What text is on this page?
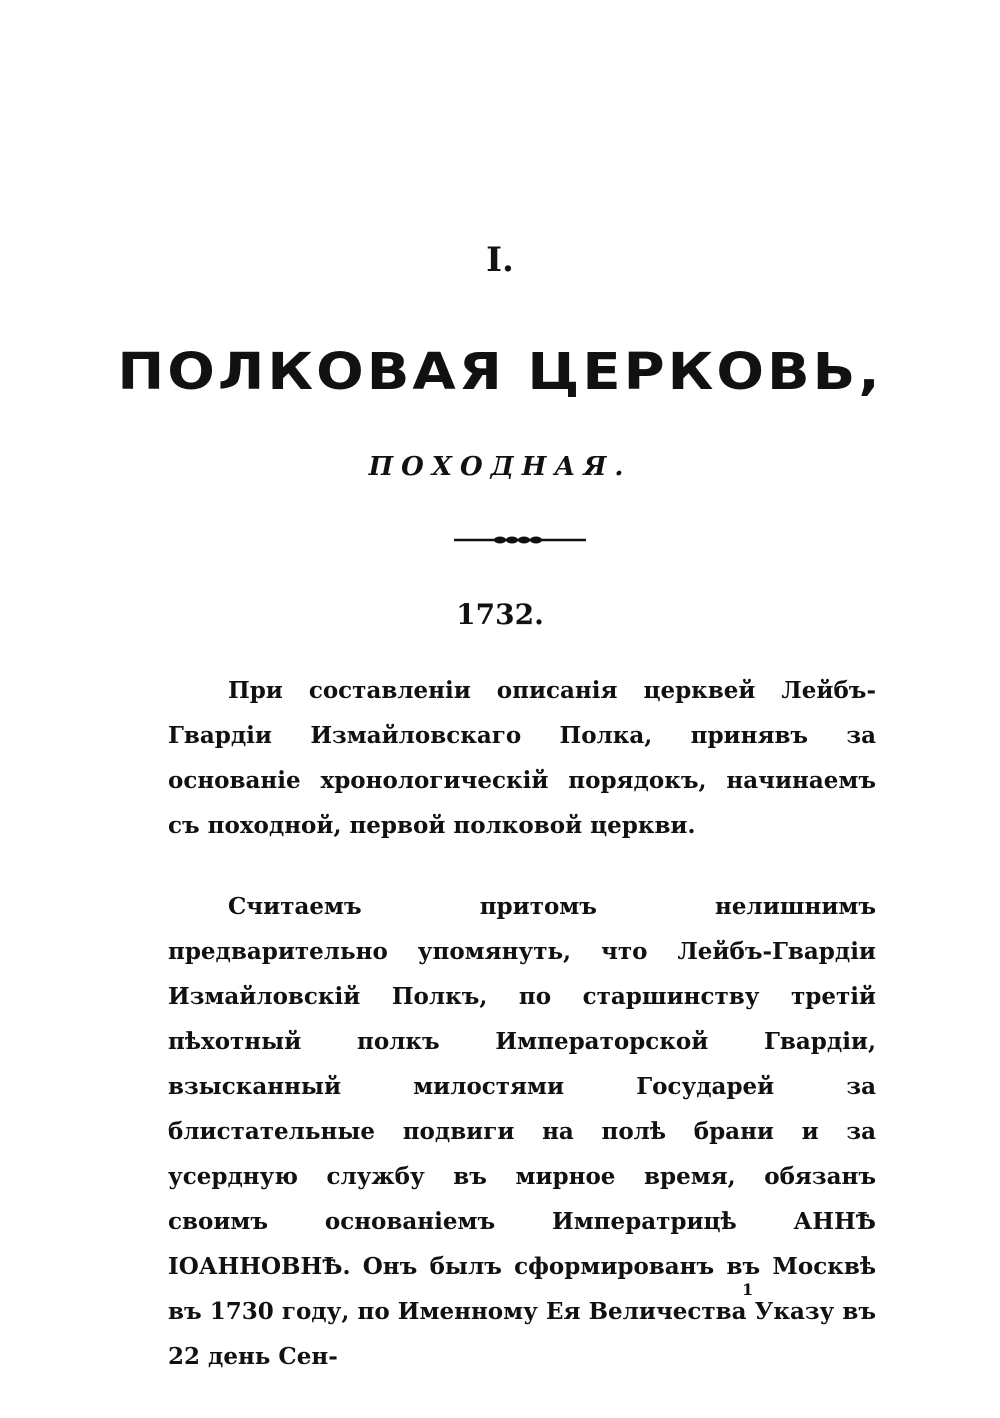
I.
ПОЛКОВАЯ ЦЕРКОВЬ,
ПОХОДНАЯ.
1732.

При составленіи описанія церквей Лейбъ-Гвардіи Измайловскаго Полка, принявъ за основаніе хронологическій порядокъ, начинаемъ съ походной, первой полковой церкви.

Считаемъ притомъ нелишнимъ предварительно упомянуть, что Лейбъ-Гвардіи Измайловскій Полкъ, по старшинству третій пѣхотный полкъ Императорской Гвардіи, взысканный милостями Государей за блистательные подвиги на полѣ брани и за усердную службу въ мирное время, обязанъ своимъ основаніемъ Императрицѣ АННѢ ІОАННОВНѢ. Онъ былъ сформированъ въ Москвѣ въ 1730 году, по Именному Ея Величества Указу въ 22 день Сен-

1
